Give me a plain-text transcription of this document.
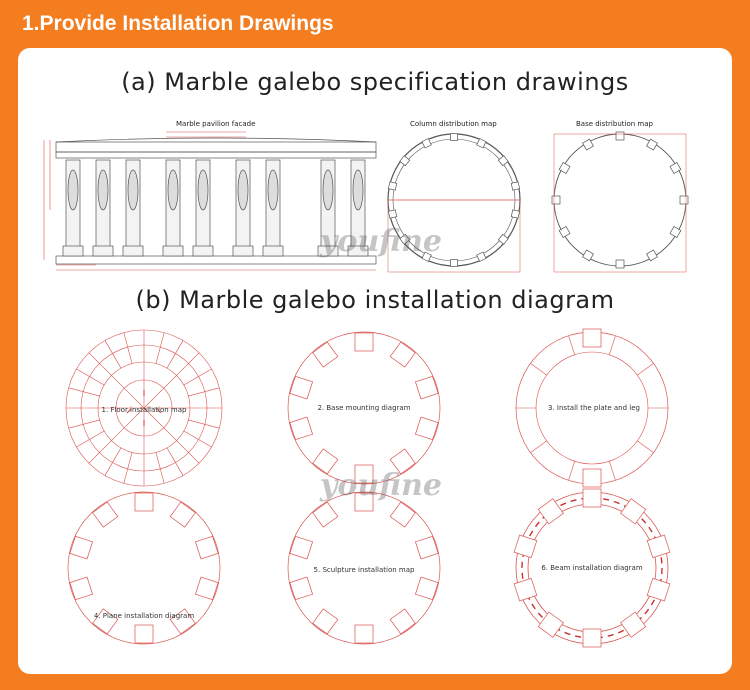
1.Provide Installation Drawings
(a) Marble galebo specification drawings
Marble pavilion facade	Column distribution map	Base distribution map
youfine
(b) Marble galebo installation diagram
1. Floor installation map	2. Base mounting diagram	3. Install the plate and leg
4. Plane installation diagram
5. Sculpture installation map	6. Beam installation diagram
youfine
